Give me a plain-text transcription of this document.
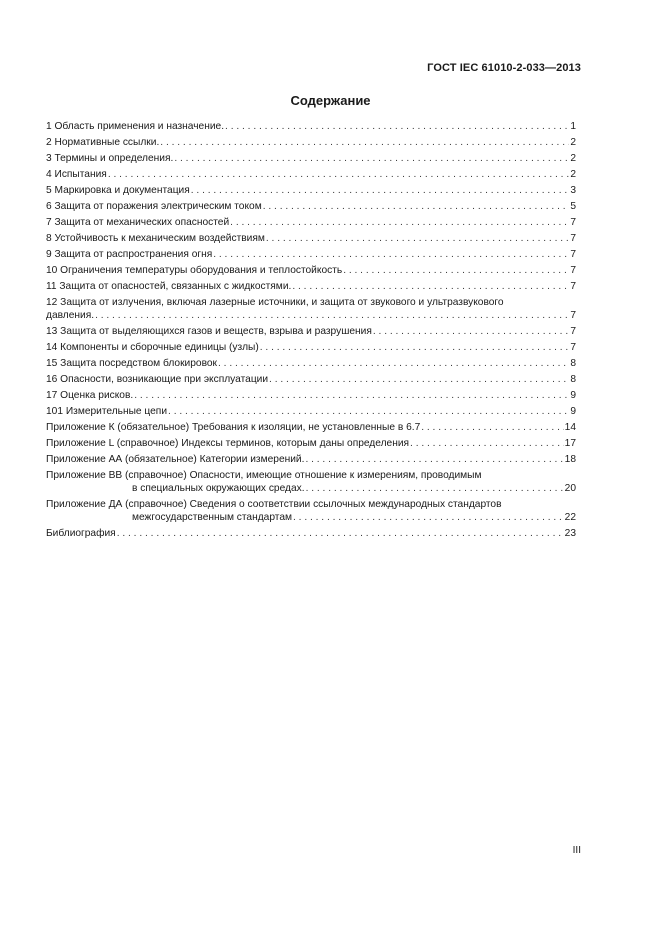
ГОСТ IEC 61010-2-033—2013
Содержание
1 Область применения и назначение. . . .	1
2 Нормативные ссылки. . . .	2
3 Термины и определения. . . .	2
4 Испытания . . .	2
5 Маркировка и документация . . .	3
6 Защита от поражения электрическим током . . .	5
7 Защита от механических опасностей . . .	7
8 Устойчивость к механическим воздействиям . . .	7
9 Защита от распространения огня . . .	7
10 Ограничения температуры оборудования и теплостойкость . . .	7
11 Защита от опасностей, связанных с жидкостями. . . .	7
12 Защита от излучения, включая лазерные источники, и защита от звукового и ультразвукового
давления. . . .	7
13 Защита от выделяющихся газов и веществ, взрыва и разрушения . . .	7
14 Компоненты и сборочные единицы (узлы) . . .	7
15 Защита посредством блокировок . . .	8
16 Опасности, возникающие при эксплуатации . . .	8
17 Оценка рисков. . . .	9
101 Измерительные цепи . . .	9
Приложение К (обязательное) Требования к изоляции, не установленные в 6.7 . . .	14
Приложение L (справочное) Индексы терминов, которым даны определения . . .	17
Приложение АА (обязательное) Категории измерений. . . .	18
Приложение ВВ (справочное) Опасности, имеющие отношение к измерениям, проводимым
в специальных окружающих средах. . . .	20
Приложение ДА (справочное) Сведения о соответствии ссылочных международных стандартов
межгосударственным стандартам . . .	22
Библиография . . .	23
III
